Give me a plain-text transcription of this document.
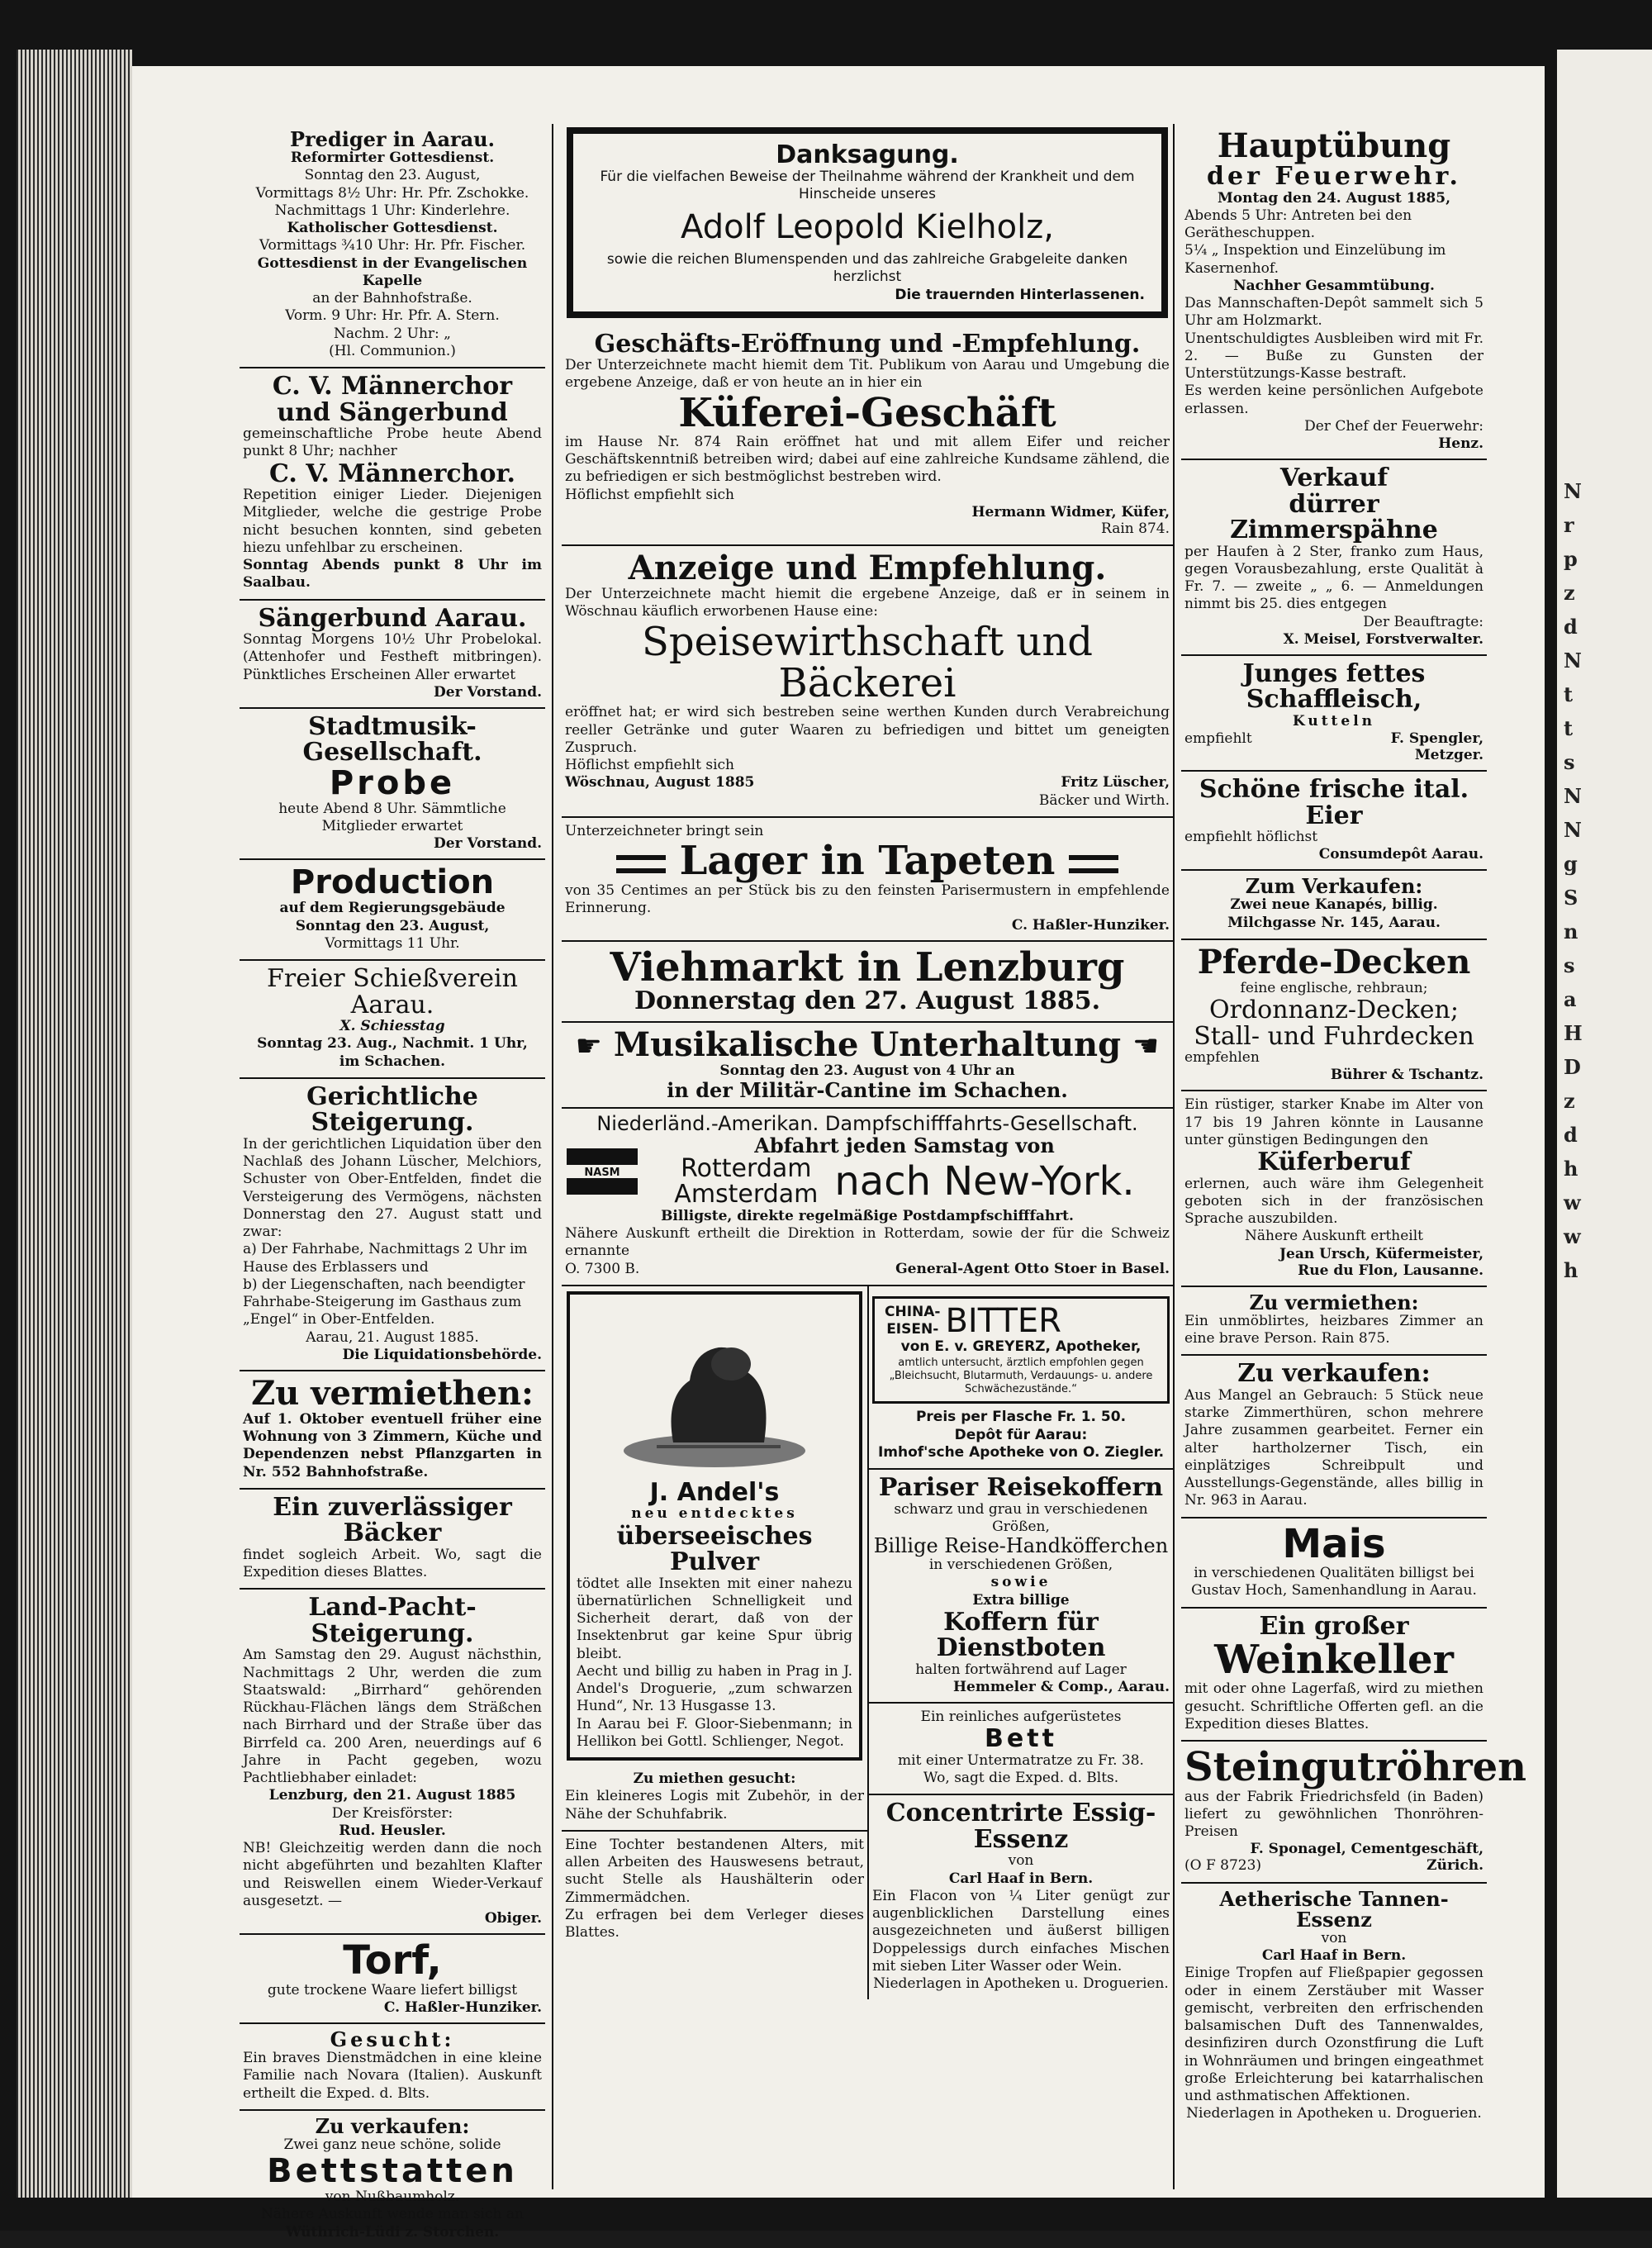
N
r
p
z
d
N
t
t
s
N
N
g
S
n
s
a
H
D
z
d
h
w
w
h
Prediger in Aarau.
Reformirter Gottesdienst.
Sonntag den 23. August,
Vormittags 8½ Uhr: Hr. Pfr. Zschokke.
Nachmittags 1 Uhr: Kinderlehre.
Katholischer Gottesdienst.
Vormittags ¾10 Uhr: Hr. Pfr. Fischer.
Gottesdienst in der Evangelischen Kapelle
an der Bahnhofstraße.
Vorm. 9 Uhr: Hr. Pfr. A. Stern.
Nachm. 2 Uhr: „
(Hl. Communion.)
C. V. Männerchor
und Sängerbund
gemeinschaftliche Probe heute Abend punkt 8 Uhr; nachher
C. V. Männerchor.
Repetition einiger Lieder. Diejenigen Mitglieder, welche die gestrige Probe nicht besuchen konnten, sind gebeten hiezu unfehlbar zu erscheinen.
Sonntag Abends punkt 8 Uhr im Saalbau.
Sängerbund Aarau.
Sonntag Morgens 10½ Uhr Probelokal. (Attenhofer und Festheft mitbringen). Pünktliches Erscheinen Aller erwartet
Der Vorstand.
Stadtmusik-Gesellschaft.
Probe
heute Abend 8 Uhr. Sämmtliche Mitglieder erwartet
Der Vorstand.
Production
auf dem Regierungsgebäude
Sonntag den 23. August,
Vormittags 11 Uhr.
Freier Schießverein Aarau.
X. Schiesstag
Sonntag 23. Aug., Nachmit. 1 Uhr,
im Schachen.
Gerichtliche Steigerung.
In der gerichtlichen Liquidation über den Nachlaß des Johann Lüscher, Melchiors, Schuster von Ober-Entfelden, findet die Versteigerung des Vermögens, nächsten Donnerstag den 27. August statt und zwar:
a) Der Fahrhabe, Nachmittags 2 Uhr im Hause des Erblassers und
b) der Liegenschaften, nach beendigter Fahrhabe-Steigerung im Gasthaus zum „Engel“ in Ober-Entfelden.
Aarau, 21. August 1885.
Die Liquidationsbehörde.
Zu vermiethen:
Auf 1. Oktober eventuell früher eine Wohnung von 3 Zimmern, Küche und Dependenzen nebst Pflanzgarten in Nr. 552 Bahnhofstraße.
Ein zuverlässiger Bäcker
findet sogleich Arbeit. Wo, sagt die Expedition dieses Blattes.
Land-Pacht-Steigerung.
Am Samstag den 29. August nächsthin, Nachmittags 2 Uhr, werden die zum Staatswald: „Birrhard“ gehörenden Rückhau-Flächen längs dem Sträßchen nach Birrhard und der Straße über das Birrfeld ca. 200 Aren, neuerdings auf 6 Jahre in Pacht gegeben, wozu Pachtliebhaber einladet:
Lenzburg, den 21. August 1885
Der Kreisförster:
Rud. Heusler.
NB! Gleichzeitig werden dann die noch nicht abgeführten und bezahlten Klafter und Reiswellen einem Wieder-Verkauf ausgesetzt. —
Obiger.
Torf,
gute trockene Waare liefert billigst
C. Haßler-Hunziker.
Gesucht:
Ein braves Dienstmädchen in eine kleine Familie nach Novara (Italien). Auskunft ertheilt die Exped. d. Blts.
Zu verkaufen:
Zwei ganz neue schöne, solide
Bettstatten
von Nußbaumholz.
Nähere Auskunft wende man sich an
Wüthrich-Lüdi z. Storchen.
Danksagung.
Für die vielfachen Beweise der Theilnahme während der Krankheit und dem Hinscheide unseres
Adolf Leopold Kielholz,
sowie die reichen Blumenspenden und das zahlreiche Grabgeleite danken herzlichst
Die trauernden Hinterlassenen.
Geschäfts-Eröffnung und -Empfehlung.
Der Unterzeichnete macht hiemit dem Tit. Publikum von Aarau und Umgebung die ergebene Anzeige, daß er von heute an in hier ein
Küferei-Geschäft
im Hause Nr. 874 Rain eröffnet hat und mit allem Eifer und reicher Geschäftskenntniß betreiben wird; dabei auf eine zahlreiche Kundsame zählend, die zu befriedigen er sich bestmöglichst bestreben wird.
Höflichst empfiehlt sich
Hermann Widmer, Küfer,
Rain 874.
Anzeige und Empfehlung.
Der Unterzeichnete macht hiemit die ergebene Anzeige, daß er in seinem in Wöschnau käuflich erworbenen Hause eine:
Speisewirthschaft und Bäckerei
eröffnet hat; er wird sich bestreben seine werthen Kunden durch Verabreichung reeller Getränke und guter Waaren zu befriedigen und bittet um geneigten Zuspruch.
Höflichst empfiehlt sich
Wöschnau, August 1885	Fritz Lüscher,
Bäcker und Wirth.
Unterzeichneter bringt sein
Lager in Tapeten
von 35 Centimes an per Stück bis zu den feinsten Parisermustern in empfehlende Erinnerung.
C. Haßler-Hunziker.
Viehmarkt in Lenzburg
Donnerstag den 27. August 1885.
☛ Musikalische Unterhaltung ☚
Sonntag den 23. August von 4 Uhr an
in der Militär-Cantine im Schachen.
Niederländ.-Amerikan. Dampfschifffahrts-Gesellschaft.
NASM
Abfahrt jeden Samstag von
Rotterdam
Amsterdam nach New-York.
Billigste, direkte regelmäßige Postdampfschifffahrt.
Nähere Auskunft ertheilt die Direktion in Rotterdam, sowie der für die Schweiz ernannte
O. 7300 B.	General-Agent Otto Stoer in Basel.
J. Andel's
neu entdecktes
überseeisches Pulver
tödtet alle Insekten mit einer nahezu übernatürlichen Schnelligkeit und Sicherheit derart, daß von der Insektenbrut gar keine Spur übrig bleibt.
Aecht und billig zu haben in Prag in J. Andel's Droguerie, „zum schwarzen Hund“, Nr. 13 Husgasse 13.
In Aarau bei F. Gloor-Siebenmann; in Hellikon bei Gottl. Schlienger, Negot.
Zu miethen gesucht:
Ein kleineres Logis mit Zubehör, in der Nähe der Schuhfabrik.
Eine Tochter bestandenen Alters, mit allen Arbeiten des Hauswesens betraut, sucht Stelle als Haushälterin oder Zimmermädchen.
Zu erfragen bei dem Verleger dieses Blattes.
CHINA-
EISEN- BITTER
von E. v. GREYERZ, Apotheker,
amtlich untersucht, ärztlich empfohlen gegen „Bleichsucht, Blutarmuth, Verdauungs- u. andere Schwächezustände.“
Preis per Flasche Fr. 1. 50.
Depôt für Aarau:
Imhof'sche Apotheke von O. Ziegler.
Pariser Reisekoffern
schwarz und grau in verschiedenen Größen,
Billige Reise-Handköfferchen
in verschiedenen Größen,
sowie
Extra billige
Koffern für Dienstboten
halten fortwährend auf Lager
Hemmeler & Comp., Aarau.
Ein reinliches aufgerüstetes
Bett
mit einer Untermatratze zu Fr. 38.
Wo, sagt die Exped. d. Blts.
Concentrirte Essig-Essenz
von
Carl Haaf in Bern.
Ein Flacon von ¼ Liter genügt zur augenblicklichen Darstellung eines ausgezeichneten und äußerst billigen Doppelessigs durch einfaches Mischen mit sieben Liter Wasser oder Wein.
Niederlagen in Apotheken u. Droguerien.
Hauptübung
der Feuerwehr.
Montag den 24. August 1885,
Abends 5 Uhr: Antreten bei den Gerätheschuppen.
5¼ „ Inspektion und Einzelübung im Kasernenhof.
Nachher Gesammtübung.
Das Mannschaften-Depôt sammelt sich 5 Uhr am Holzmarkt.
Unentschuldigtes Ausbleiben wird mit Fr. 2. — Buße zu Gunsten der Unterstützungs-Kasse bestraft.
Es werden keine persönlichen Aufgebote erlassen.
Der Chef der Feuerwehr:
Henz.
Verkauf
dürrer Zimmerspähne
per Haufen à 2 Ster, franko zum Haus, gegen Vorausbezahlung, erste Qualität à Fr. 7. — zweite „ „ 6. — Anmeldungen nimmt bis 25. dies entgegen
Der Beauftragte:
X. Meisel, Forstverwalter.
Junges fettes Schaffleisch,
Kutteln
empfiehlt	F. Spengler, Metzger.
Schöne frische ital. Eier
empfiehlt höflichst
Consumdepôt Aarau.
Zum Verkaufen:
Zwei neue Kanapés, billig. Milchgasse Nr. 145, Aarau.
Pferde-Decken
feine englische, rehbraun;
Ordonnanz-Decken;
Stall- und Fuhrdecken
empfehlen
Bührer & Tschantz.
Ein rüstiger, starker Knabe im Alter von 17 bis 19 Jahren könnte in Lausanne unter günstigen Bedingungen den
Küferberuf
erlernen, auch wäre ihm Gelegenheit geboten sich in der französischen Sprache auszubilden.
Nähere Auskunft ertheilt
Jean Ursch, Küfermeister,
Rue du Flon, Lausanne.
Zu vermiethen:
Ein unmöblirtes, heizbares Zimmer an eine brave Person. Rain 875.
Zu verkaufen:
Aus Mangel an Gebrauch: 5 Stück neue starke Zimmerthüren, schon mehrere Jahre zusammen gearbeitet. Ferner ein alter hartholzerner Tisch, ein einplätziges Schreibpult und Ausstellungs-Gegenstände, alles billig in Nr. 963 in Aarau.
Mais
in verschiedenen Qualitäten billigst bei Gustav Hoch, Samenhandlung in Aarau.
Ein großer
Weinkeller
mit oder ohne Lagerfaß, wird zu miethen gesucht. Schriftliche Offerten gefl. an die Expedition dieses Blattes.
Steingutröhren
aus der Fabrik Friedrichsfeld (in Baden) liefert zu gewöhnlichen Thonröhren-Preisen
F. Sponagel, Cementgeschäft,
(O F 8723)	Zürich.
Aetherische Tannen-Essenz
von
Carl Haaf in Bern.
Einige Tropfen auf Fließpapier gegossen oder in einem Zerstäuber mit Wasser gemischt, verbreiten den erfrischenden balsamischen Duft des Tannenwaldes, desinfiziren durch Ozonstfirung die Luft in Wohnräumen und bringen eingeathmet große Erleichterung bei katarrhalischen und asthmatischen Affektionen.
Niederlagen in Apotheken u. Droguerien.
